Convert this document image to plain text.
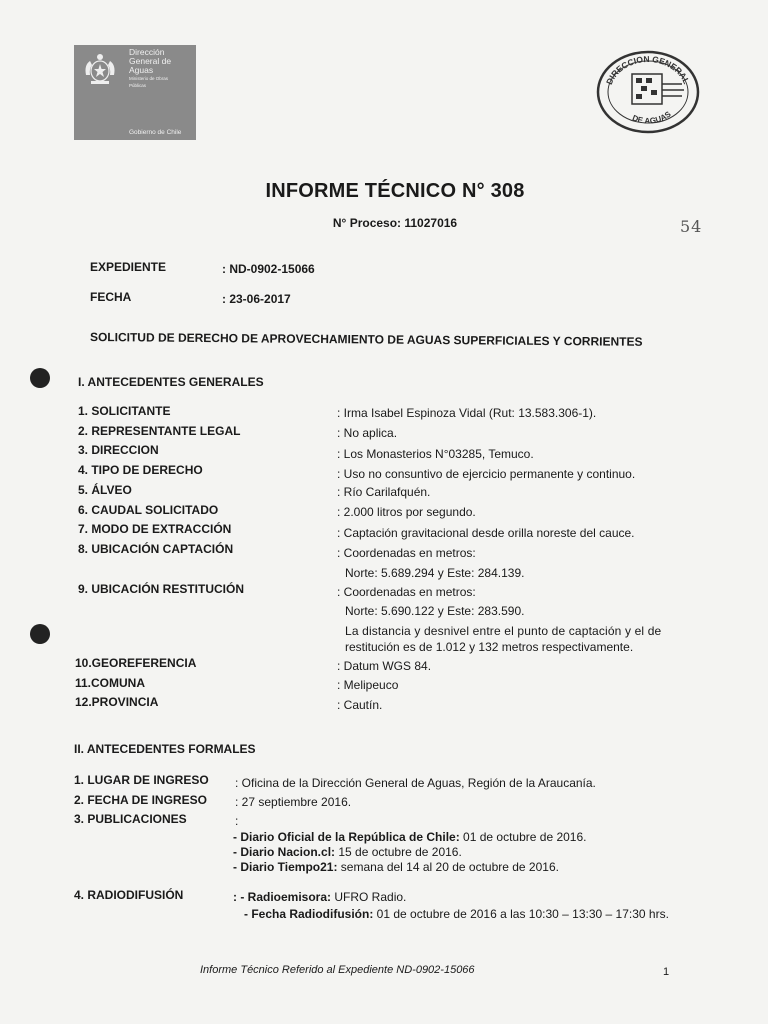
Dirección
General de
Aguas
Ministerio de Obras
Públicas
Gobierno de Chile
DIRECCION GENERAL
DE AGUAS
INFORME TÉCNICO N° 308
N° Proceso: 11027016	54
EXPEDIENTE	: ND-0902-15066
FECHA	: 23-06-2017
SOLICITUD DE DERECHO DE APROVECHAMIENTO DE AGUAS SUPERFICIALES Y CORRIENTES
I. ANTECEDENTES GENERALES
1. SOLICITANTE	: Irma Isabel Espinoza Vidal (Rut: 13.583.306-1).
2. REPRESENTANTE LEGAL	: No aplica.
3. DIRECCION	: Los Monasterios N°03285, Temuco.
4. TIPO DE DERECHO	: Uso no consuntivo de ejercicio permanente y continuo.
5. ÁLVEO	: Río Carilafquén.
6. CAUDAL SOLICITADO	: 2.000 litros por segundo.
7. MODO DE EXTRACCIÓN	: Captación gravitacional desde orilla noreste del cauce.
8. UBICACIÓN CAPTACIÓN	: Coordenadas en metros:
Norte: 5.689.294 y Este: 284.139.
9. UBICACIÓN RESTITUCIÓN	: Coordenadas en metros:
Norte: 5.690.122 y Este: 283.590.
La distancia y desnivel entre el punto de captación y el de
restitución es de 1.012 y 132 metros respectivamente.
10.GEOREFERENCIA	: Datum WGS 84.
11.COMUNA	: Melipeuco
12.PROVINCIA	: Cautín.
II. ANTECEDENTES FORMALES
1. LUGAR DE INGRESO : Oficina de la Dirección General de Aguas, Región de la Araucanía.
2. FECHA DE INGRESO : 27 septiembre 2016.
3. PUBLICACIONES	:
- Diario Oficial de la República de Chile: 01 de octubre de 2016.
- Diario Nacion.cl: 15 de octubre de 2016.
- Diario Tiempo21: semana del 14 al 20 de octubre de 2016.
4. RADIODIFUSIÓN	: - Radioemisora: UFRO Radio.
- Fecha Radiodifusión: 01 de octubre de 2016 a las 10:30 – 13:30 – 17:30 hrs.
Informe Técnico Referido al Expediente ND-0902-15066	1
